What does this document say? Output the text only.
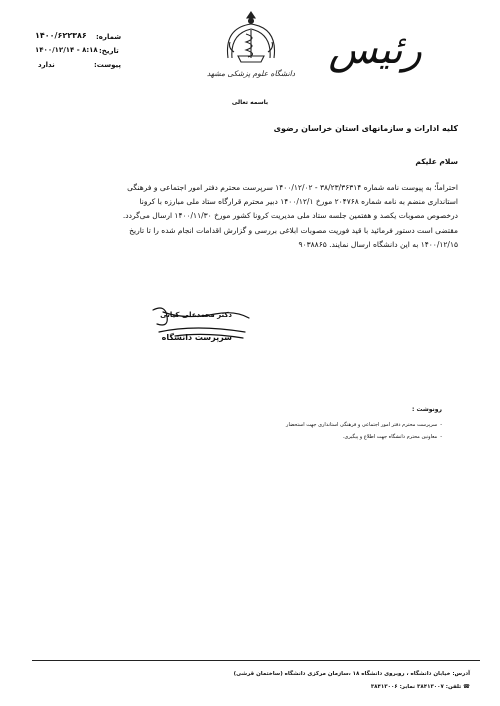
رئیس
دانشگاه علوم پزشکی مشهد
شماره:
۱۴۰۰/۶۲۲۳۸۶
تاریخ:
۱۴۰۰/۱۲/۱۴ - ۸:۱۸
پیوست:
ندارد
باسمه تعالی
کلیه ادارات و سازمانهای استان خراسان رضوی
سلام علیکم
احتراماً؛ به پیوست نامه شماره ۳۸/۲۳/۳۶۳۱۴ - ۱۴۰۰/۱۲/۰۲ سرپرست محترم دفتر امور اجتماعی و فرهنگی
استانداری منضم به نامه شماره ۲۰۴۷۶۸ مورخ ۱۴۰۰/۱۲/۱ دبیر محترم قرارگاه ستاد ملی مبارزه با کرونا
درخصوص مصوبات یکصد و هفتمین جلسه ستاد ملی مدیریت کرونا کشور مورخ ۱۴۰۰/۱۱/۳۰ ارسال می‌گردد.
مقتضی است دستور فرمائید با قید فوریت مصوبات ابلاغی بررسی و گزارش اقدامات انجام شده را تا تاریخ
۱۴۰۰/۱۲/۱۵ به این دانشگاه ارسال نمایند. ۹۰۳۸۸۶۵
دکتر محمدعلی کیانی
سرپرست دانشگاه
رونوشت :
- سرپرست محترم دفتر امور اجتماعی و فرهنگی استانداری جهت استحضار
- معاونین محترم دانشگاه جهت اطلاع و پیگیری.
آدرس: خیابان دانشگاه ، روبروی دانشگاه ۱۸ ،سازمان مرکزی دانشگاه (ساختمان قرشی)
☎ تلفن: ۳۸۴۱۳۰۰۷ نمابر: ۳۸۴۱۳۰۰۶
